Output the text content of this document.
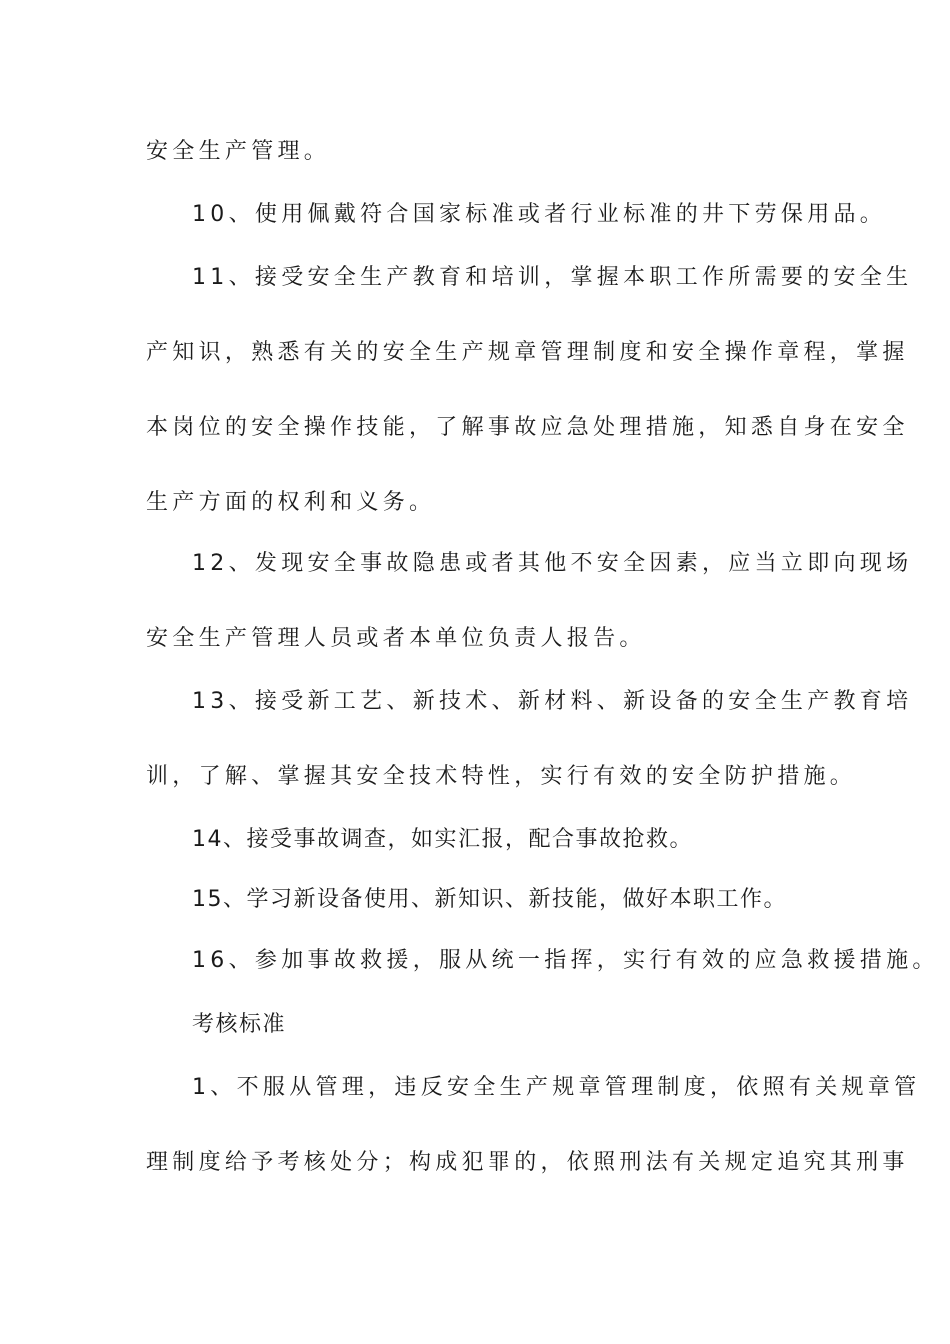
安全生产管理。

10、使用佩戴符合国家标准或者行业标准的井下劳保用品。

11、接受安全生产教育和培训，掌握本职工作所需要的安全生

产知识，熟悉有关的安全生产规章管理制度和安全操作章程，掌握

本岗位的安全操作技能，了解事故应急处理措施，知悉自身在安全

生产方面的权利和义务。

12、发现安全事故隐患或者其他不安全因素，应当立即向现场

安全生产管理人员或者本单位负责人报告。

13、接受新工艺、新技术、新材料、新设备的安全生产教育培

训，了解、掌握其安全技术特性，实行有效的安全防护措施。

14、接受事故调查，如实汇报，配合事故抢救。

15、学习新设备使用、新知识、新技能，做好本职工作。

16、参加事故救援，服从统一指挥，实行有效的应急救援措施。

考核标准

1、不服从管理，违反安全生产规章管理制度，依照有关规章管

理制度给予考核处分；构成犯罪的，依照刑法有关规定追究其刑事
